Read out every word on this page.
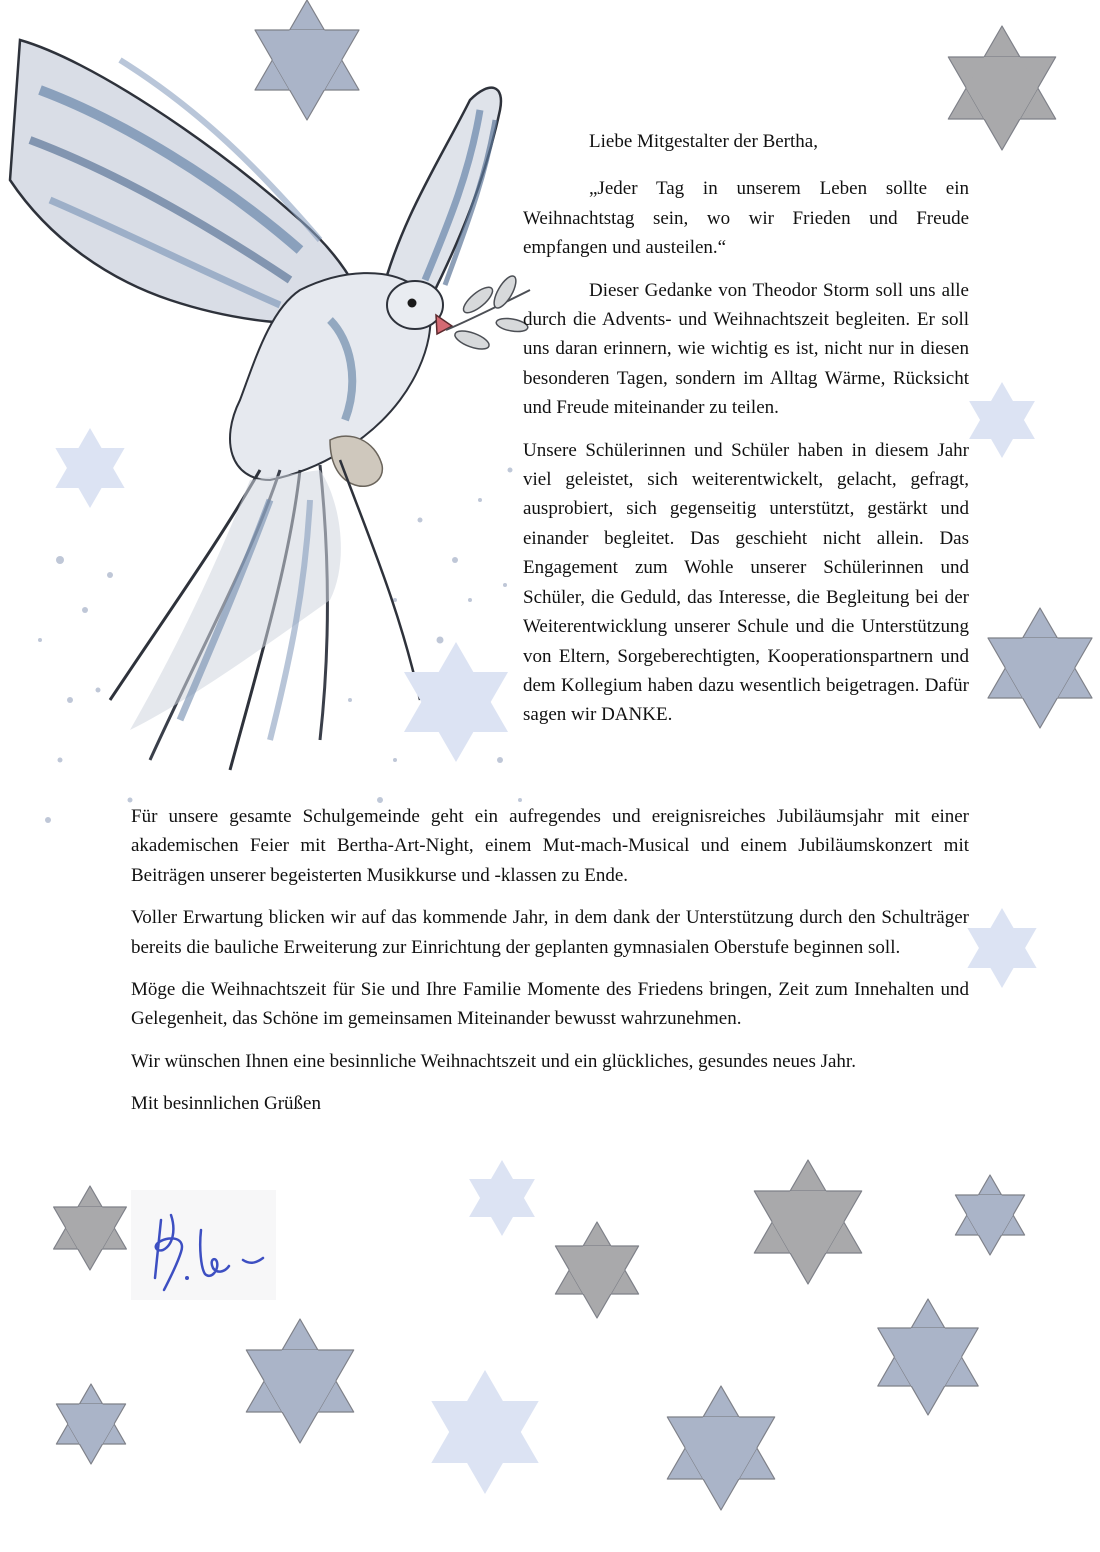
Liebe Mitgestalter der Bertha,

„Jeder Tag in unserem Leben sollte ein Weihnachtstag sein, wo wir Frieden und Freude empfangen und austeilen.“

Dieser Gedanke von Theodor Storm soll uns alle durch die Advents- und Weihnachtszeit begleiten. Er soll uns daran erinnern, wie wichtig es ist, nicht nur in diesen besonderen Tagen, sondern im Alltag Wärme, Rücksicht und Freude miteinander zu teilen.

Unsere Schülerinnen und Schüler haben in diesem Jahr viel geleistet, sich weiterentwickelt, gelacht, gefragt, ausprobiert, sich gegenseitig unterstützt, gestärkt und einander begleitet. Das geschieht nicht allein. Das Engagement zum Wohle unserer Schülerinnen und Schüler, die Geduld, das Interesse, die Begleitung bei der Weiterentwicklung unserer Schule und die Unterstützung von Eltern, Sorgeberechtigten, Kooperationspartnern und dem Kollegium haben dazu wesentlich beigetragen. Dafür sagen wir DANKE.

Für unsere gesamte Schulgemeinde geht ein aufregendes und ereignisreiches Jubiläumsjahr mit einer akademischen Feier mit Bertha-Art-Night, einem Mut-mach-Musical und einem Jubiläumskonzert mit Beiträgen unserer begeisterten Musikkurse und -klassen zu Ende.

Voller Erwartung blicken wir auf das kommende Jahr, in dem dank der Unterstützung durch den Schulträger bereits die bauliche Erweiterung zur Einrichtung der geplanten gymnasialen Oberstufe beginnen soll.

Möge die Weihnachtszeit für Sie und Ihre Familie Momente des Friedens bringen, Zeit zum Innehalten und Gelegenheit, das Schöne im gemeinsamen Miteinander bewusst wahrzunehmen.

Wir wünschen Ihnen eine besinnliche Weihnachtszeit und ein glückliches, gesundes neues Jahr.

Mit besinnlichen Grüßen
